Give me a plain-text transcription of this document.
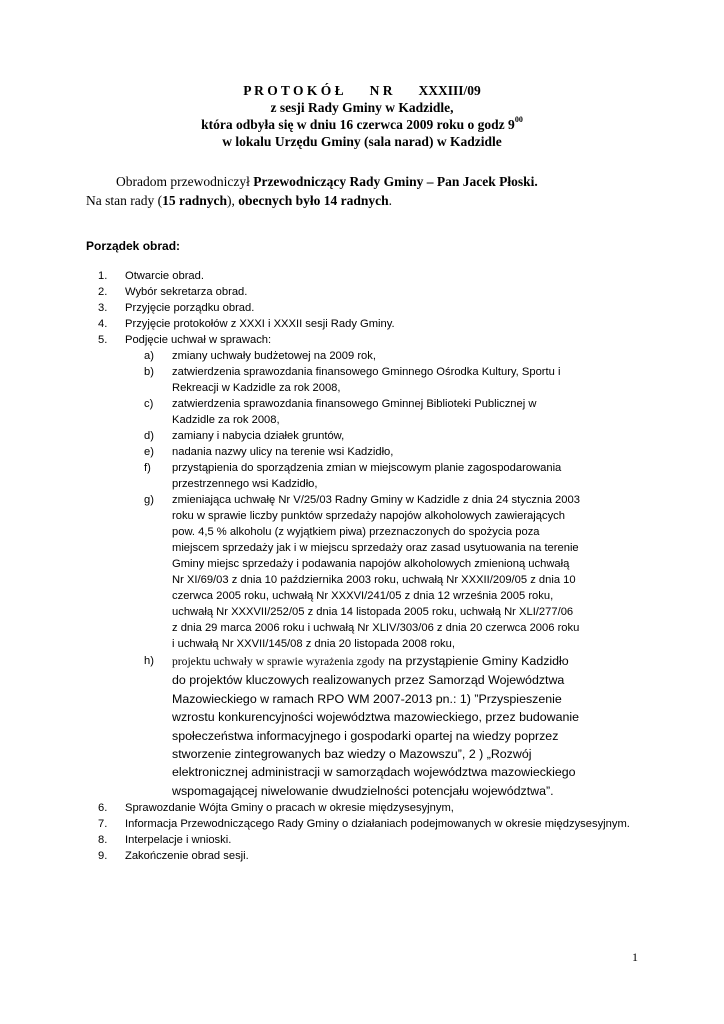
P R O T O K Ó Ł N R XXXIII/09
z sesji Rady Gminy w Kadzidle,
która odbyła się w dniu 16 czerwca 2009 roku o godz $9^{00}$
w lokalu Urzędu Gminy (sala narad) w Kadzidle
Obradom przewodniczył Przewodniczący Rady Gminy – Pan Jacek Płoski.
Na stan rady (15 radnych), obecnych było 14 radnych.
Porządek obrad:
1. Otwarcie obrad.
2. Wybór sekretarza obrad.
3. Przyjęcie porządku obrad.
4. Przyjęcie protokołów z XXXI i XXXII sesji Rady Gminy.
5. Podjęcie uchwał w sprawach:
a) zmiany uchwały budżetowej na 2009 rok,
b) zatwierdzenia sprawozdania finansowego Gminnego Ośrodka Kultury, Sportu i
Rekreacji w Kadzidle za rok 2008,
c) zatwierdzenia sprawozdania finansowego Gminnej Biblioteki Publicznej w
Kadzidle za rok 2008,
d) zamiany i nabycia działek gruntów,
e) nadania nazwy ulicy na terenie wsi Kadzidło,
f) przystąpienia do sporządzenia zmian w miejscowym planie zagospodarowania
przestrzennego wsi Kadzidło,
g) zmieniająca uchwałę Nr V/25/03 Radny Gminy w Kadzidle z dnia 24 stycznia 2003
roku w sprawie liczby punktów sprzedaży napojów alkoholowych zawierających
pow. 4,5 % alkoholu (z wyjątkiem piwa) przeznaczonych do spożycia poza
miejscem sprzedaży jak i w miejscu sprzedaży oraz zasad usytuowania na terenie
Gminy miejsc sprzedaży i podawania napojów alkoholowych zmienioną uchwałą
Nr XI/69/03 z dnia 10 października 2003 roku, uchwałą Nr XXXII/209/05 z dnia 10
czerwca 2005 roku, uchwałą Nr XXXVI/241/05 z dnia 12 września 2005 roku,
uchwałą Nr XXXVII/252/05 z dnia 14 listopada 2005 roku, uchwałą Nr XLI/277/06
z dnia 29 marca 2006 roku i uchwałą Nr XLIV/303/06 z dnia 20 czerwca 2006 roku
i uchwałą Nr XXVII/145/08 z dnia 20 listopada 2008 roku,
h) projektu uchwały w sprawie wyrażenia zgody na przystąpienie Gminy Kadzidło
do projektów kluczowych realizowanych przez Samorząd Województwa
Mazowieckiego w ramach RPO WM 2007-2013 pn.: 1) ”Przyspieszenie
wzrostu konkurencyjności województwa mazowieckiego, przez budowanie
społeczeństwa informacyjnego i gospodarki opartej na wiedzy poprzez
stworzenie zintegrowanych baz wiedzy o Mazowszu”, 2 ) „Rozwój
elektronicznej administracji w samorządach województwa mazowieckiego
wspomagającej niwelowanie dwudzielności potencjału województwa”.
6. Sprawozdanie Wójta Gminy o pracach w okresie międzysesyjnym,
7. Informacja Przewodniczącego Rady Gminy o działaniach podejmowanych w okresie międzysesyjnym.
8. Interpelacje i wnioski.
9. Zakończenie obrad sesji.
1
